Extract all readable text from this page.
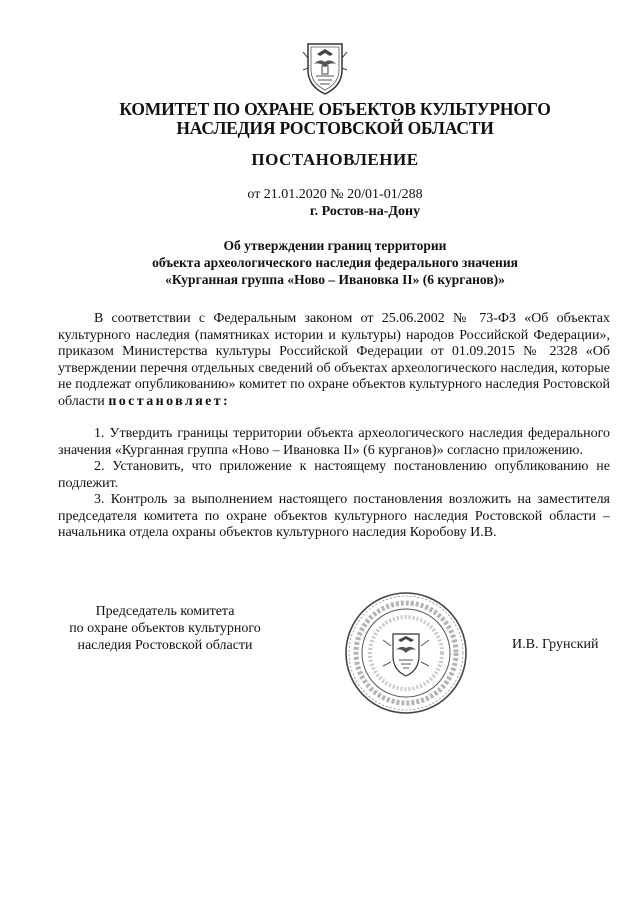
КОМИТЕТ ПО ОХРАНЕ ОБЪЕКТОВ КУЛЬТУРНОГО
НАСЛЕДИЯ РОСТОВСКОЙ ОБЛАСТИ
ПОСТАНОВЛЕНИЕ
от 21.01.2020 № 20/01-01/288
г. Ростов-на-Дону
Об утверждении границ территории
объекта археологического наследия федерального значения
«Курганная группа «Ново – Ивановка II» (6 курганов)»

В соответствии с Федеральным законом от 25.06.2002 № 73-ФЗ «Об объектах культурного наследия (памятниках истории и культуры) народов Российской Федерации», приказом Министерства культуры Российской Федерации от 01.09.2015 № 2328 «Об утверждении перечня отдельных сведений об объектах археологического наследия, которые не подлежат опубликованию» комитет по охране объектов культурного наследия Ростовской области постановляет:

1. Утвердить границы территории объекта археологического наследия федерального значения «Курганная группа «Ново – Ивановка II» (6 курганов)» согласно приложению.

2. Установить, что приложение к настоящему постановлению опубликованию не подлежит.

3. Контроль за выполнением настоящего постановления возложить на заместителя председателя комитета по охране объектов культурного наследия Ростовской области – начальника отдела охраны объектов культурного наследия Коробову И.В.

Председатель комитета
по охране объектов культурного
наследия Ростовской области	И.В. Грунский
